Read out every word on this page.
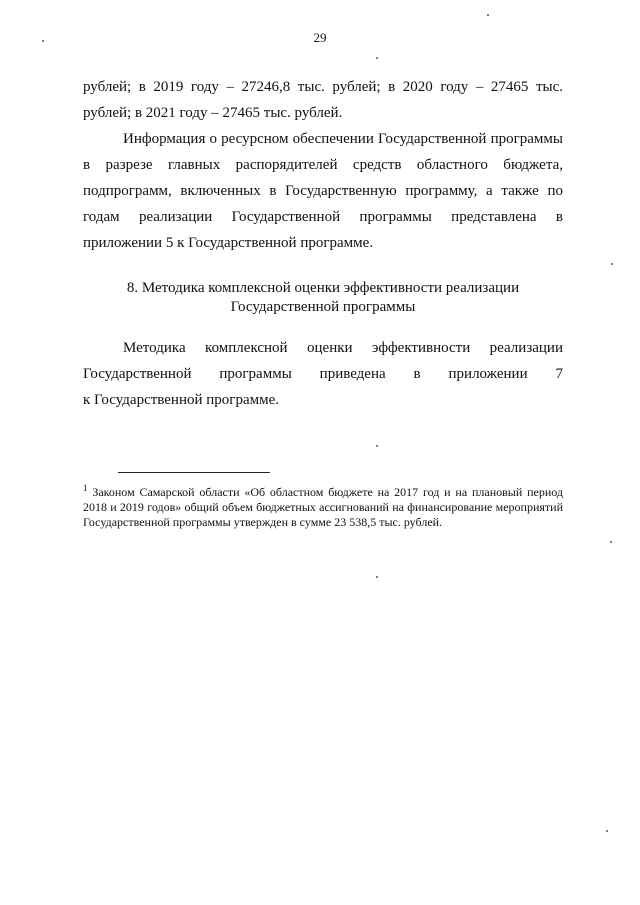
29
рублей; в 2019 году – 27246,8 тыс. рублей; в 2020 году – 27465 тыс.
рублей; в 2021 году – 27465 тыс. рублей.
Информация о ресурсном обеспечении Государственной программы
в разрезе главных распорядителей средств областного бюджета,
подпрограмм, включенных в Государственную программу, а также по
годам реализации Государственной программы представлена в
приложении 5 к Государственной программе.
8. Методика комплексной оценки эффективности реализации
Государственной программы
Методика комплексной оценки эффективности реализации
Государственной программы приведена в приложении 7
к Государственной программе.
$^1$ Законом Самарской области «Об областном бюджете на 2017 год и на плановый период 2018 и 2019 годов» общий объем бюджетных ассигнований на финансирование мероприятий Государственной программы утвержден в сумме 23 538,5 тыс. рублей.
